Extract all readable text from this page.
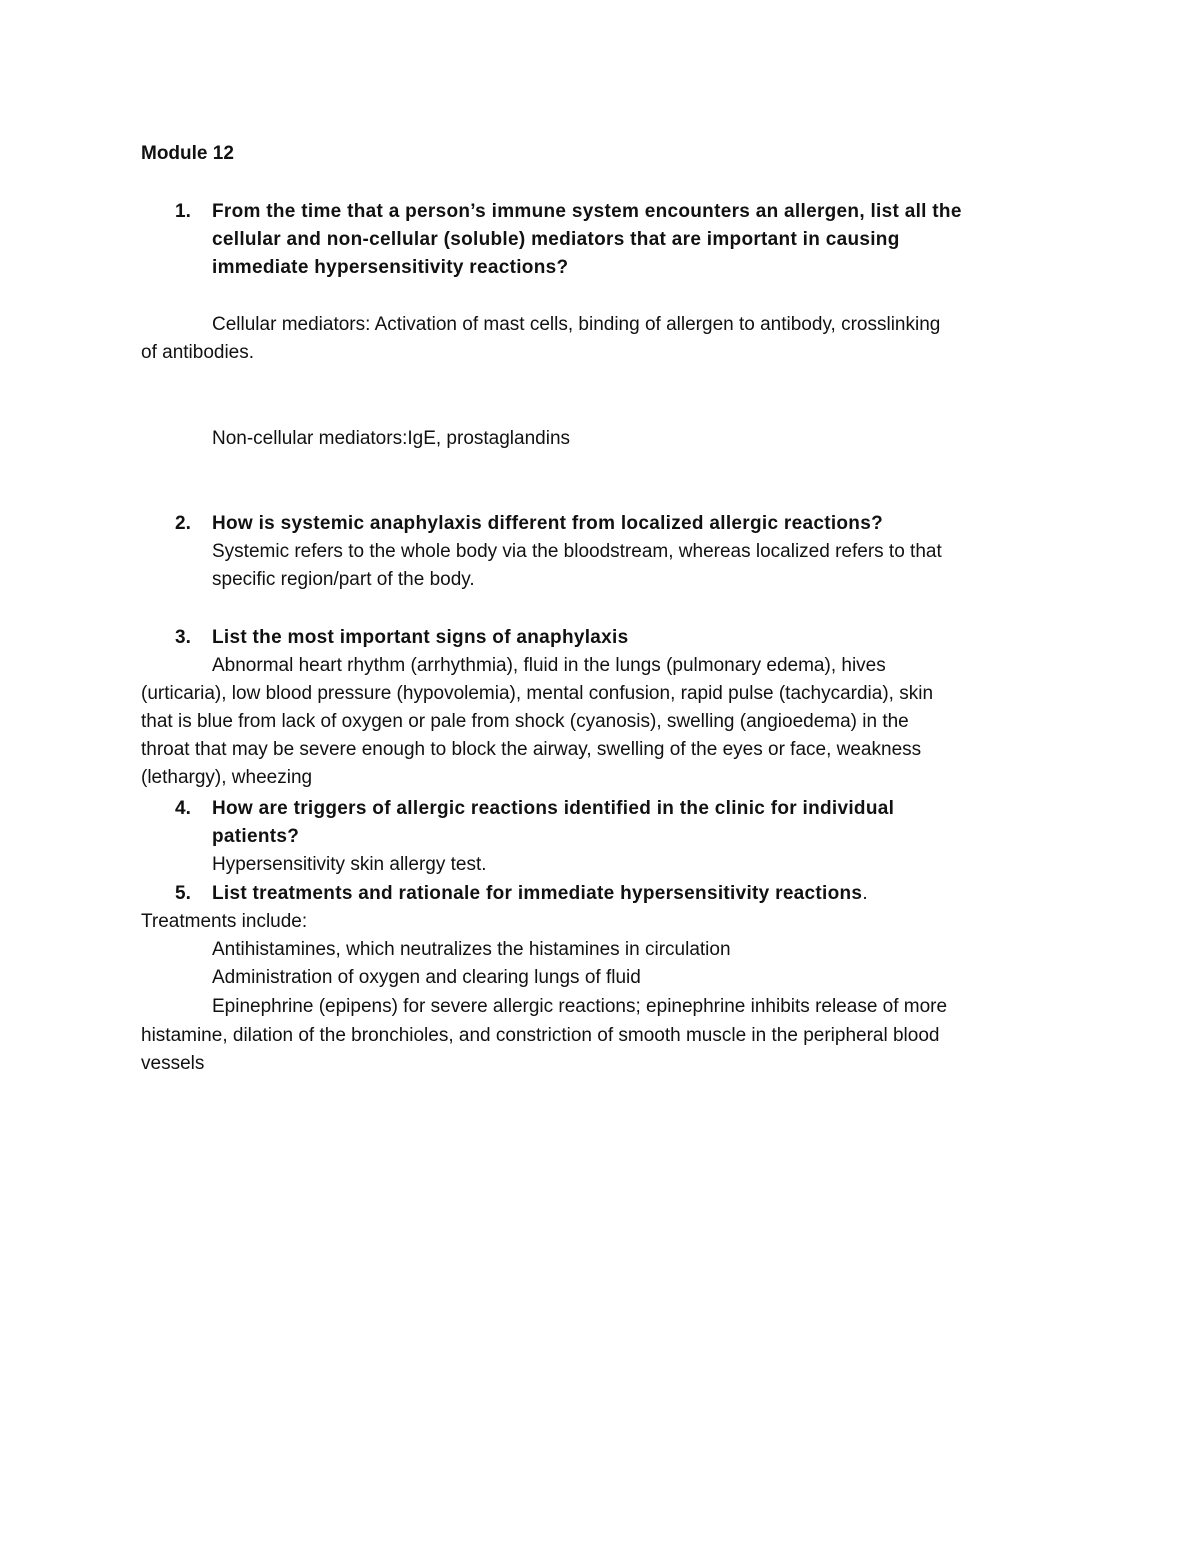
Module 12
1. From the time that a person’s immune system encounters an allergen, list all the
cellular and non-cellular (soluble) mediators that are important in causing
immediate hypersensitivity reactions?
Cellular mediators: Activation of mast cells, binding of allergen to antibody, crosslinking
of antibodies.
Non-cellular mediators:IgE, prostaglandins
2. How is systemic anaphylaxis different from localized allergic reactions?
Systemic refers to the whole body via the bloodstream, whereas localized refers to that
specific region/part of the body.
3. List the most important signs of anaphylaxis
Abnormal heart rhythm (arrhythmia), fluid in the lungs (pulmonary edema), hives
(urticaria), low blood pressure (hypovolemia), mental confusion, rapid pulse (tachycardia), skin
that is blue from lack of oxygen or pale from shock (cyanosis), swelling (angioedema) in the
throat that may be severe enough to block the airway, swelling of the eyes or face, weakness
(lethargy), wheezing
4. How are triggers of allergic reactions identified in the clinic for individual
patients?
Hypersensitivity skin allergy test.
5. List treatments and rationale for immediate hypersensitivity reactions.
Treatments include:
Antihistamines, which neutralizes the histamines in circulation
Administration of oxygen and clearing lungs of fluid
Epinephrine (epipens) for severe allergic reactions; epinephrine inhibits release of more
histamine, dilation of the bronchioles, and constriction of smooth muscle in the peripheral blood
vessels
